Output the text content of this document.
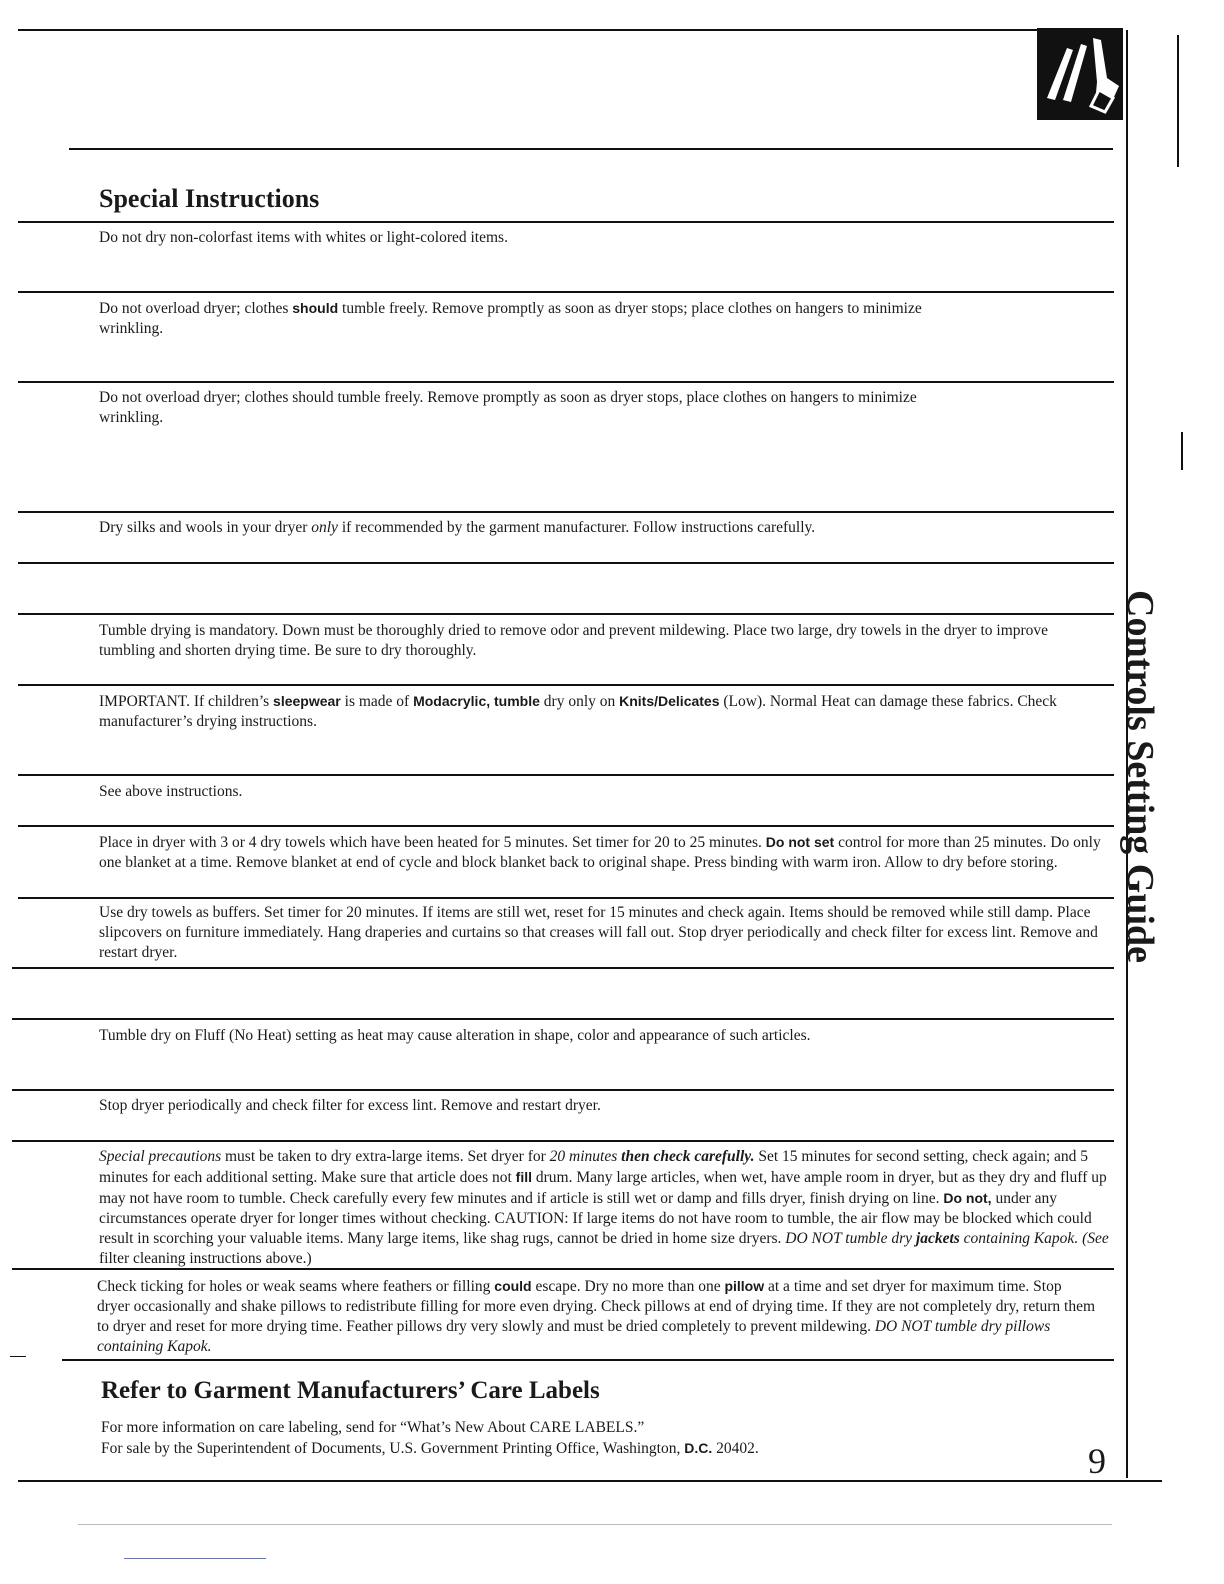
Special Instructions
Do not dry non-colorfast items with whites or light-colored items.
Do not overload dryer; clothes should tumble freely. Remove promptly as soon as dryer stops; place clothes on hangers to minimize wrinkling.
Do not overload dryer; clothes should tumble freely. Remove promptly as soon as dryer stops, place clothes on hangers to minimize wrinkling.
Dry silks and wools in your dryer only if recommended by the garment manufacturer. Follow instructions carefully.
Tumble drying is mandatory. Down must be thoroughly dried to remove odor and prevent mildewing. Place two large, dry towels in the dryer to improve tumbling and shorten drying time. Be sure to dry thoroughly.
IMPORTANT. If children’s sleepwear is made of Modacrylic, tumble dry only on Knits/Delicates (Low). Normal Heat can damage these fabrics. Check manufacturer’s drying instructions.
See above instructions.
Place in dryer with 3 or 4 dry towels which have been heated for 5 minutes. Set timer for 20 to 25 minutes. Do not set control for more than 25 minutes. Do only one blanket at a time. Remove blanket at end of cycle and block blanket back to original shape. Press binding with warm iron. Allow to dry before storing.
Use dry towels as buffers. Set timer for 20 minutes. If items are still wet, reset for 15 minutes and check again. Items should be removed while still damp. Place slipcovers on furniture immediately. Hang draperies and curtains so that creases will fall out. Stop dryer periodically and check filter for excess lint. Remove and restart dryer.
Tumble dry on Fluff (No Heat) setting as heat may cause alteration in shape, color and appearance of such articles.
Stop dryer periodically and check filter for excess lint. Remove and restart dryer.
Special precautions must be taken to dry extra-large items. Set dryer for 20 minutes then check carefully. Set 15 minutes for second setting, check again; and 5 minutes for each additional setting. Make sure that article does not fill drum. Many large articles, when wet, have ample room in dryer, but as they dry and fluff up may not have room to tumble. Check carefully every few minutes and if article is still wet or damp and fills dryer, finish drying on line. Do not, under any circumstances operate dryer for longer times without checking. CAUTION: If large items do not have room to tumble, the air flow may be blocked which could result in scorching your valuable items. Many large items, like shag rugs, cannot be dried in home size dryers. DO NOT tumble dry jackets containing Kapok. (See filter cleaning instructions above.)
Check ticking for holes or weak seams where feathers or filling could escape. Dry no more than one pillow at a time and set dryer for maximum time. Stop dryer occasionally and shake pillows to redistribute filling for more even drying. Check pillows at end of drying time. If they are not completely dry, return them to dryer and reset for more drying time. Feather pillows dry very slowly and must be dried completely to prevent mildewing. DO NOT tumble dry pillows containing Kapok.
Refer to Garment Manufacturers’ Care Labels
For more information on care labeling, send for “What’s New About CARE LABELS.”
For sale by the Superintendent of Documents, U.S. Government Printing Office, Washington, D.C. 20402.	9
Controls Setting Guide
